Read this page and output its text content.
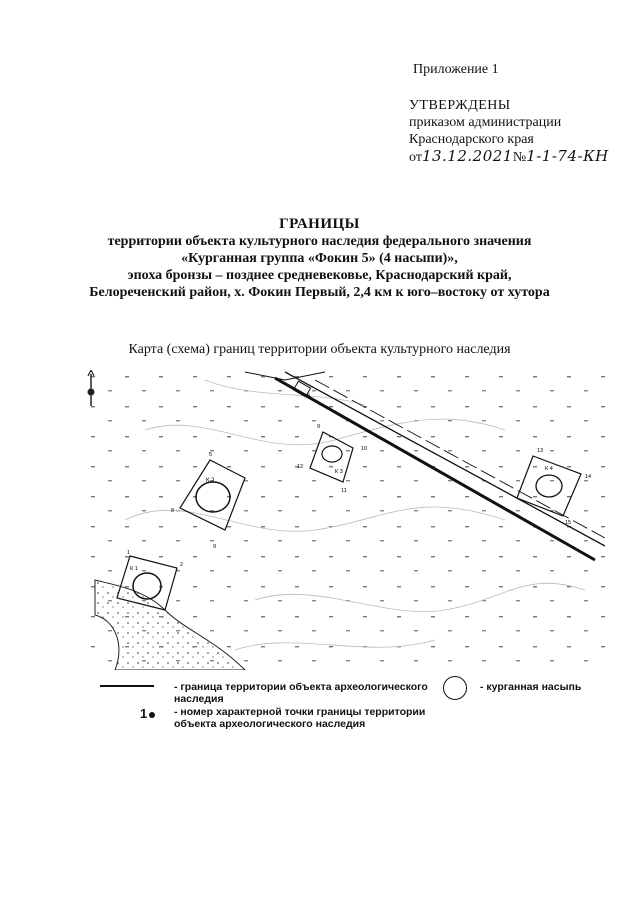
Приложение 1
УТВЕРЖДЕНЫ
приказом администрации
Краснодарского края
от13.12.2021№1-1-74-КН
ГРАНИЦЫ
территории объекта культурного наследия федерального значения
«Курганная группа «Фокин 5» (4 насыпи)»,
эпоха бронзы – позднее средневековье, Краснодарский край,
Белореченский район, х. Фокин Первый, 2,4 км к юго–востоку от хутора
Карта (схема) границ территории объекта культурного наследия
6
К 2
5
8
9
К 3
9
10
11
12	К 4
13
14
15
К 1
1
2
- граница территории объекта археологического
наследия
- курганная насыпь
1	- номер характерной точки границы территории
объекта археологического наследия
